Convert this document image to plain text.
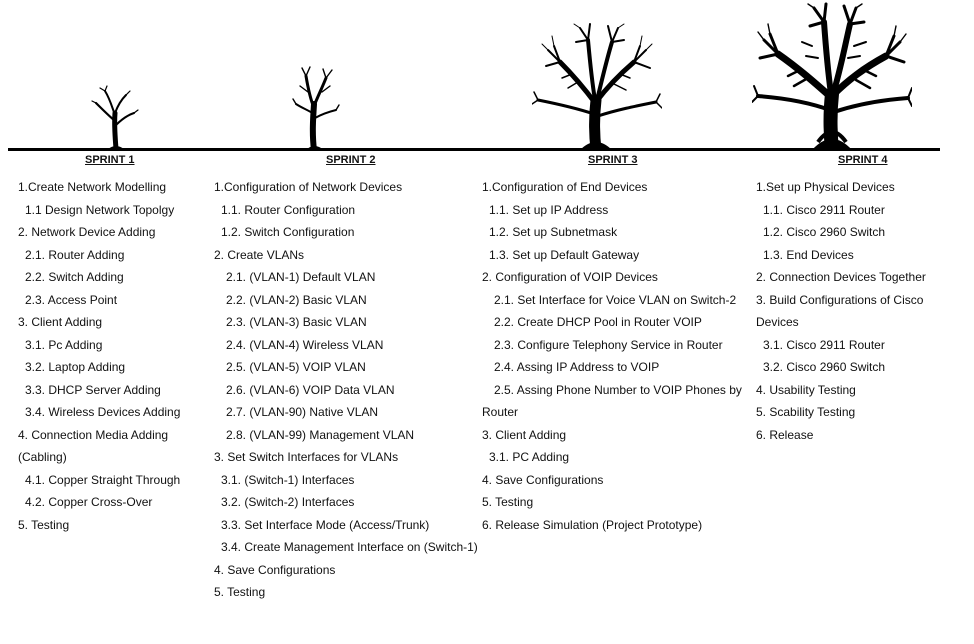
SPRINT 1
1.Create Network Modelling
1.1 Design Network Topolgy
2. Network Device Adding
2.1. Router Adding
2.2. Switch Adding
2.3. Access Point
3. Client Adding
3.1. Pc Adding
3.2. Laptop Adding
3.3. DHCP Server Adding
3.4. Wireless Devices Adding
4. Connection Media Adding
(Cabling)
4.1. Copper Straight Through
4.2. Copper Cross-Over
5. Testing
SPRINT 2
1.Configuration of Network Devices
1.1. Router Configuration
1.2. Switch Configuration
2. Create VLANs
2.1. (VLAN-1) Default VLAN
2.2. (VLAN-2) Basic VLAN
2.3. (VLAN-3) Basic VLAN
2.4. (VLAN-4) Wireless VLAN
2.5. (VLAN-5) VOIP VLAN
2.6. (VLAN-6) VOIP Data VLAN
2.7. (VLAN-90) Native VLAN
2.8. (VLAN-99) Management VLAN
3. Set Switch Interfaces for VLANs
3.1. (Switch-1) Interfaces
3.2. (Switch-2) Interfaces
3.3. Set Interface Mode (Access/Trunk)
3.4. Create Management Interface on (Switch-1)
4. Save Configurations
5. Testing
SPRINT 3
1.Configuration of End Devices
1.1. Set up IP Address
1.2. Set up Subnetmask
1.3. Set up Default Gateway
2. Configuration of VOIP Devices
2.1. Set Interface for Voice VLAN on Switch-2
2.2. Create DHCP Pool in Router VOIP
2.3. Configure Telephony Service in Router
2.4. Assing IP Address to VOIP
2.5. Assing Phone Number to VOIP Phones by
Router
3. Client Adding
3.1. PC Adding
4. Save Configurations
5. Testing
6. Release Simulation (Project Prototype)
SPRINT 4
1.Set up Physical Devices
1.1. Cisco 2911 Router
1.2. Cisco 2960 Switch
1.3. End Devices
2. Connection Devices Together
3. Build Configurations of Cisco
Devices
3.1. Cisco 2911 Router
3.2. Cisco 2960 Switch
4. Usability Testing
5. Scability Testing
6. Release
